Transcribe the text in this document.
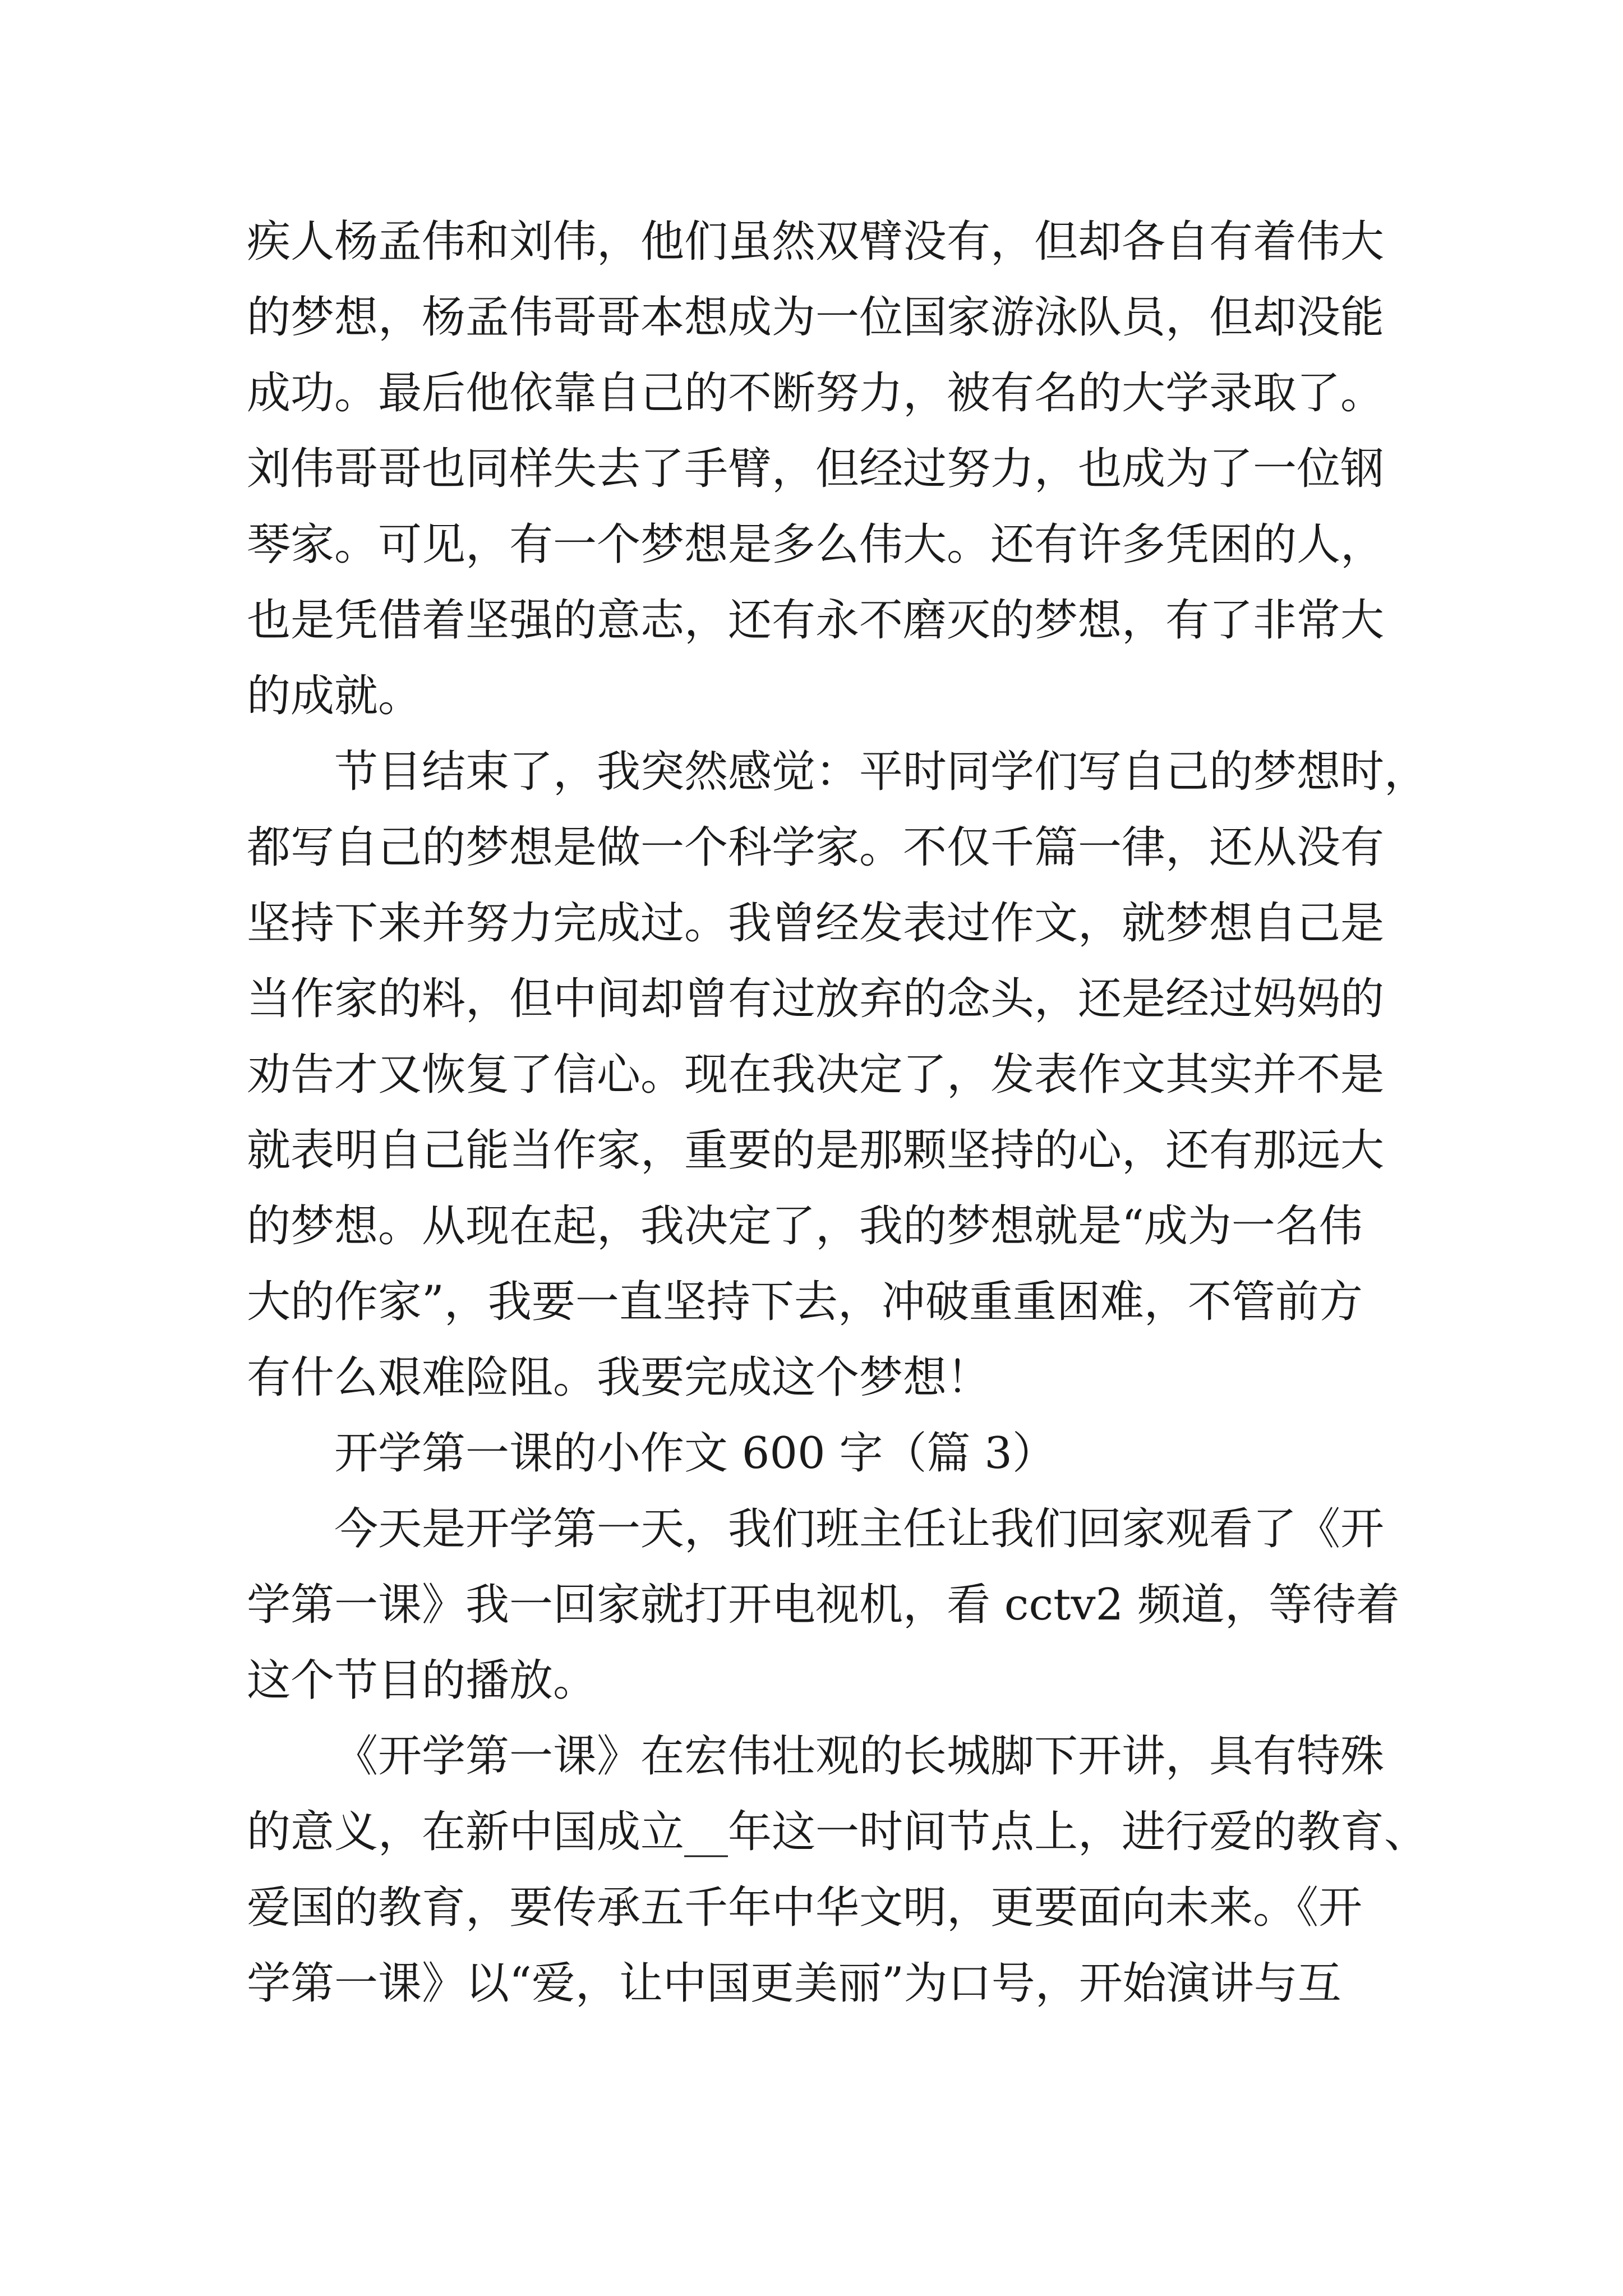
疾人杨孟伟和刘伟，他们虽然双臂没有，但却各自有着伟大
的梦想，杨孟伟哥哥本想成为一位国家游泳队员，但却没能
成功。最后他依靠自己的不断努力，被有名的大学录取了。
刘伟哥哥也同样失去了手臂，但经过努力，也成为了一位钢
琴家。可见，有一个梦想是多么伟大。还有许多凭困的人，
也是凭借着坚强的意志，还有永不磨灭的梦想，有了非常大
的成就。
节目结束了，我突然感觉：平时同学们写自己的梦想时，
都写自己的梦想是做一个科学家。不仅千篇一律，还从没有
坚持下来并努力完成过。我曾经发表过作文，就梦想自己是
当作家的料，但中间却曾有过放弃的念头，还是经过妈妈的
劝告才又恢复了信心。现在我决定了，发表作文其实并不是
就表明自己能当作家，重要的是那颗坚持的心，还有那远大
的梦想。从现在起，我决定了，我的梦想就是“成为一名伟
大的作家”，我要一直坚持下去，冲破重重困难，不管前方
有什么艰难险阻。我要完成这个梦想！
开学第一课的小作文 600 字（篇 3）
今天是开学第一天，我们班主任让我们回家观看了《开
学第一课》我一回家就打开电视机，看 cctv2 频道，等待着
这个节目的播放。
《开学第一课》在宏伟壮观的长城脚下开讲，具有特殊
的意义，在新中国成立__年这一时间节点上，进行爱的教育、
爱国的教育，要传承五千年中华文明，更要面向未来。《开
学第一课》以“爱，让中国更美丽”为口号，开始演讲与互
